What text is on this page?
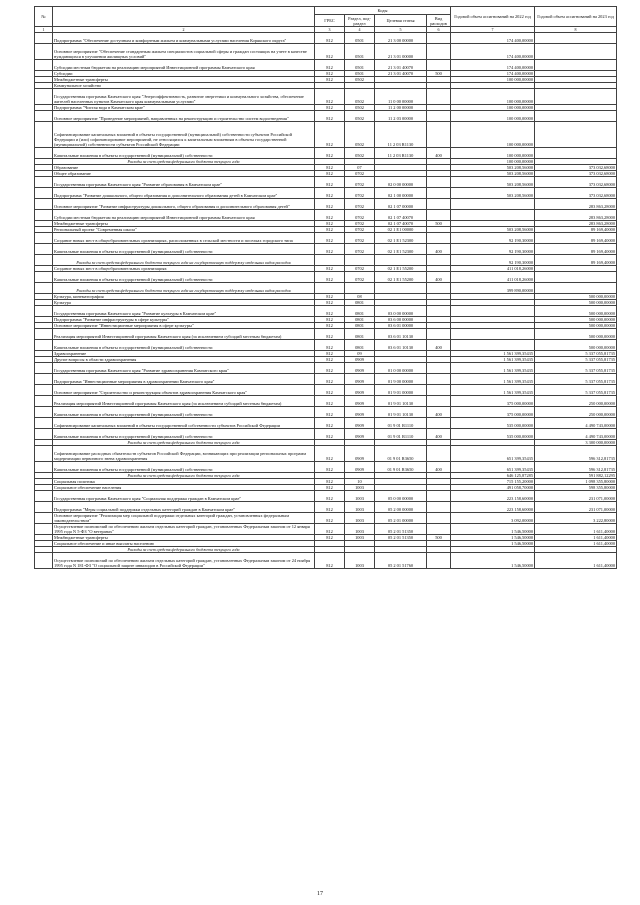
№		Коды				Годовой объем ассигнований на 2022 год	Годовой объем ассигнований на 2023 год
		ГРБС	Раздел, под-раздел	Целевая статья	Вид расходов		
1	2	3	4	5	6	7	8
	Подпрограмма "Обеспечение доступным и комфортным жильем и коммунальными услугами населения Корякского округа"	812	0501	21 3 00 00000		174 400,00000	
	Основное мероприятие "Обеспечение стандартным жильем специалистов социальной сферы и граждан состоящих на учете в качестве нуждающихся в улучшении жилищных условий"	812	0501	21 3 01 00000		174 400,00000	
	Субсидии местным бюджетам на реализацию мероприятий Инвестиционной программы Камчатского края	812	0501	21 3 01 40070		174 400,00000	
	Субсидии	812	0501	21 3 01 40070	500	174 400,00000	
	Межбюджетные трансферты	812	0502			100 000,00000	
	Коммунальное хозяйство						
	Государственная программа Камчатского края "Энергоэффективность, развитие энергетики и коммунального хозяйства, обеспечение жителей населенных пунктов Камчатского края коммунальными услугами"	812	0502	11 0 00 00000		100 000,00000	
	Подпрограмма "Чистая вода в Камчатском крае"	812	0502	11 2 00 00000		100 000,00000	
	Основное мероприятие "Проведение мероприятий, направленных на реконструкцию и строительство систем водоотведения"	812	0502	11 2 03 00000		100 000,00000	
	Софинансирование капитальных вложений в объекты государственной (муниципальной) собственности субъектов Российской Федерации и (или) софинансирование мероприятий, не относящихся к капитальным вложениям в объекты государственной (муниципальной) собственности субъектов Российской Федерации	812	0502	11 2 03 R1130		100 000,00000	
	Капитальные вложения в объекты государственной (муниципальной) собственности	812	0502	11 2 03 R1130	400	100 000,00000	
	Расходы за счет средств федерального бюджета текущего года					100 000,00000	
	Образование	812	07			503 208,56000	373 032,68000
	Общее образование	812	0702			503 208,56000	373 032,68000
	Государственная программа Камчатского края "Развитие образования в Камчатском крае"	812	0702	02 0 00 00000		503 208,56000	373 032,68000
	Подпрограмма "Развитие дошкольного, общего образования и дополнительного образования детей в Камчатском крае"	812	0702	02 1 00 00000		503 208,56000	373 032,68000
	Основное мероприятие "Развитие инфраструктуры дошкольного, общего образования и дополнительного образования детей"	812	0702	02 1 07 00000			283 863,28000
	Субсидии местным бюджетам на реализацию мероприятий Инвестиционной программы Камчатского края	812	0702	02 1 07 40070			283 863,28000
	Межбюджетные трансферты	812	0702	02 1 07 40070	500		283 863,28000
	Региональный проект "Современная школа"	812	0702	02 1 E1 00000		503 208,56000	89 169,40000
	Создание новых мест в общеобразовательных организациях, расположенных в сельской местности и поселках городского типа	812	0702	02 1 E1 52300		92 190,30000	89 169,40000
	Капитальные вложения в объекты государственной (муниципальной) собственности	812	0702	02 1 E1 52300	400	92 190,30000	89 169,40000
	Расходы за счет средств федерального бюджета текущего года на государственную поддержку отдельных видов расходов					92 190,30000	89 169,40000
	Создание новых мест в общеобразовательных организациях	812	0702	02 1 E1 55200		411 018,26000	
	Капитальные вложения в объекты государственной (муниципальной) собственности	812	0702	02 1 E1 55200	400	411 018,26000	
	Расходы за счет средств федерального бюджета текущего года на государственную поддержку отдельных видов расходов					399 890,00000	
	Культура, кинематография	812	08				500 000,00000
	Культура	812	0801				500 000,00000
	Государственная программа Камчатского края "Развитие культуры в Камчатском крае"	812	0801	03 0 00 00000			500 000,00000
	Подпрограмма "Развитие инфраструктуры в сфере культуры"	812	0801	03 6 00 00000			500 000,00000
	Основное мероприятие "Инвестиционные мероприятия в сфере культуры"	812	0801	03 6 01 00000			500 000,00000
	Реализация мероприятий Инвестиционной программы Камчатского края (за исключением субсидий местным бюджетам)	812	0801	03 6 01 10130			500 000,00000
	Капитальные вложения в объекты государственной (муниципальной) собственности	812	0801	03 6 01 10130	400		500 000,00000
	Здравоохранение	812	09			1 561 399,35435	5 337 055,81735
	Другие вопросы в области здравоохранения	812	0909			1 561 399,35435	5 337 055,81735
	Государственная программа Камчатского края "Развитие здравоохранения Камчатского края"	812	0909	01 0 00 00000		1 561 399,35435	5 337 055,81735
	Подпрограмма "Инвестиционные мероприятия в здравоохранении Камчатского края"	812	0909	01 9 00 00000		1 561 399,35435	5 337 055,81735
	Основное мероприятие "Строительство и реконструкция объектов здравоохранения Камчатского края"	812	0909	01 9 01 00000		1 561 399,35435	5 337 055,81735
	Реализация мероприятий Инвестиционной программы Камчатского края (за исключением субсидий местным бюджетам)	812	0909	01 9 01 10130		375 000,00000	250 000,00000
	Капитальные вложения в объекты государственной (муниципальной) собственности	812	0909	01 9 01 10130	400	375 000,00000	250 000,00000
	Софинансирование капитальных вложений в объекты государственной собственности субъектов Российской Федерации	812	0909	01 9 01 R1110		535 000,00000	4 490 743,00000
	Капитальные вложения в объекты государственной (муниципальной) собственности	812	0909	01 9 01 R1110	400	535 000,00000	4 490 743,00000
	Расходы за счет средств федерального бюджета текущего года						3 300 000,00000
	Софинансирование расходных обязательств субъектов Российской Федерации, возникающих при реализации региональных программ модернизации первичного звена здравоохранения	812	0909	01 9 01 R3650		651 399,35435	596 312,81735
	Капитальные вложения в объекты государственной (муниципальной) собственности	812	0909	01 9 01 R3650	400	651 399,35435	596 312,81735
	Расходы за счет средств федерального бюджета текущего года					646 125,87285	591 882,12295
	Социальная политика	812	10			715 155,20000	1 098 355,80000
	Социальное обеспечение населения	812	1003			491 058,70000	598 355,80000
	Государственная программа Камчатского края "Социальная поддержка граждан в Камчатском крае"	812	1003	05 0 00 00000		223 158,60000	231 071,00000
	Подпрограмма "Меры социальной поддержки отдельных категорий граждан в Камчатском крае"	812	1003	05 2 00 00000		223 158,60000	231 071,00000
	Основное мероприятие "Реализация мер социальной поддержки отдельных категорий граждан, установленных федеральным законодательством"	812	1003	05 2 01 00000		3 092,00000	3 222,80000
	Осуществление полномочий по обеспечению жильем отдельных категорий граждан, установленных Федеральным законом от 12 января 1995 года N 5-ФЗ "О ветеранах"	812	1003	05 2 01 51350		1 546,50000	1 611,40000
	Межбюджетные трансферты	812	1003	05 2 01 51350	500	1 546,50000	1 611,40000
	Социальное обеспечение и иные выплаты населению					1 546,50000	1 611,40000
	Расходы за счет средств федерального бюджета текущего года						
	Осуществление полномочий по обеспечению жильем отдельных категорий граждан, установленных Федеральным законом от 24 ноября 1995 года N 181-ФЗ "О социальной защите инвалидов в Российской Федерации"	812	1003	05 2 01 51760		1 546,50000	1 611,40000
17
